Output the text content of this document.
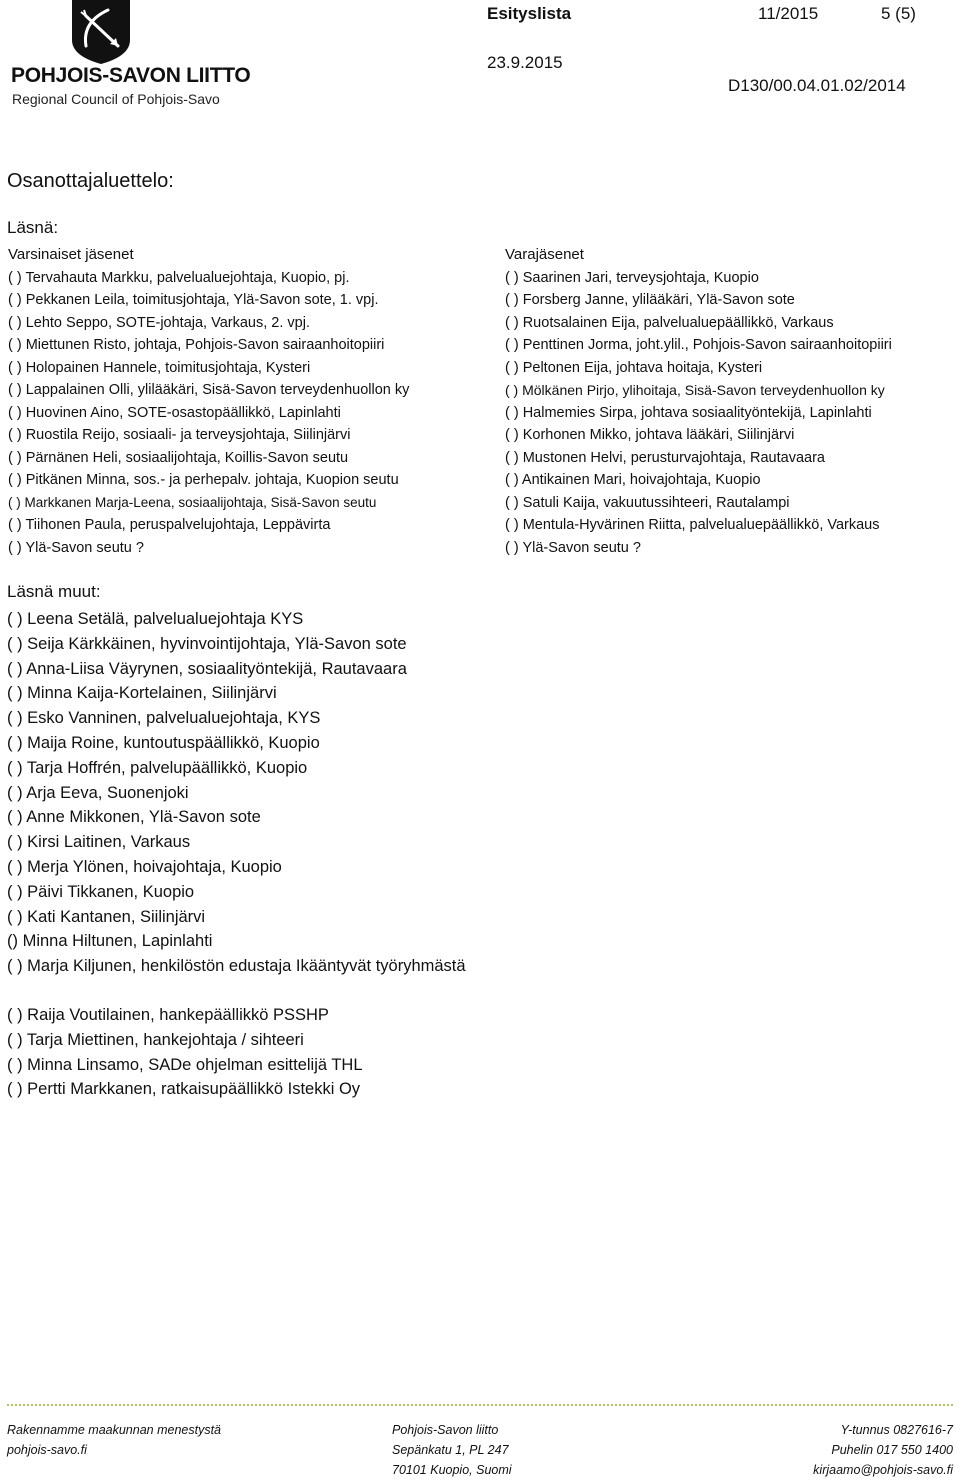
POHJOIS-SAVON LIITTO
Regional Council of Pohjois-Savo
Esityslista	11/2015	5 (5)
23.9.2015
D130/00.04.01.02/2014
Osanottajaluettelo:
Läsnä:
Varsinaiset jäsenet
( ) Tervahauta Markku, palvelualuejohtaja, Kuopio, pj.
( ) Pekkanen Leila, toimitusjohtaja, Ylä-Savon sote, 1. vpj.
( ) Lehto Seppo, SOTE-johtaja, Varkaus, 2. vpj.
( ) Miettunen Risto, johtaja, Pohjois-Savon sairaanhoitopiiri
( ) Holopainen Hannele, toimitusjohtaja, Kysteri
( ) Lappalainen Olli, ylilääkäri, Sisä-Savon terveydenhuollon ky
( ) Huovinen Aino, SOTE-osastopäällikkö, Lapinlahti
( ) Ruostila Reijo, sosiaali- ja terveysjohtaja, Siilinjärvi
( ) Pärnänen Heli, sosiaalijohtaja, Koillis-Savon seutu
( ) Pitkänen Minna, sos.- ja perhepalv. johtaja, Kuopion seutu
( ) Markkanen Marja-Leena, sosiaalijohtaja, Sisä-Savon seutu
( ) Tiihonen Paula, peruspalvelujohtaja, Leppävirta
( ) Ylä-Savon seutu ?
Varajäsenet
( ) Saarinen Jari, terveysjohtaja, Kuopio
( ) Forsberg Janne, ylilääkäri, Ylä-Savon sote
( ) Ruotsalainen Eija, palvelualuepäällikkö, Varkaus
( ) Penttinen Jorma, joht.ylil., Pohjois-Savon sairaanhoitopiiri
( ) Peltonen Eija, johtava hoitaja, Kysteri
( ) Mölkänen Pirjo, ylihoitaja, Sisä-Savon terveydenhuollon ky
( ) Halmemies Sirpa, johtava sosiaalityöntekijä, Lapinlahti
( ) Korhonen Mikko, johtava lääkäri, Siilinjärvi
( ) Mustonen Helvi, perusturvajohtaja, Rautavaara
( ) Antikainen Mari, hoivajohtaja, Kuopio
( ) Satuli Kaija, vakuutussihteeri, Rautalampi
( ) Mentula-Hyvärinen Riitta, palvelualuepäällikkö, Varkaus
( ) Ylä-Savon seutu ?
Läsnä muut:
( ) Leena Setälä, palvelualuejohtaja KYS
( ) Seija Kärkkäinen, hyvinvointijohtaja, Ylä-Savon sote
( ) Anna-Liisa Väyrynen, sosiaalityöntekijä, Rautavaara
( ) Minna Kaija-Kortelainen, Siilinjärvi
( ) Esko Vanninen, palvelualuejohtaja, KYS
( ) Maija Roine, kuntoutuspäällikkö, Kuopio
( ) Tarja Hoffrén, palvelupäällikkö, Kuopio
( ) Arja Eeva, Suonenjoki
( ) Anne Mikkonen, Ylä-Savon sote
( ) Kirsi Laitinen, Varkaus
( ) Merja Ylönen, hoivajohtaja, Kuopio
( ) Päivi Tikkanen, Kuopio
( ) Kati Kantanen, Siilinjärvi
() Minna Hiltunen, Lapinlahti
( ) Marja Kiljunen, henkilöstön edustaja Ikääntyvät työryhmästä
( ) Raija Voutilainen, hankepäällikkö PSSHP
( ) Tarja Miettinen, hankejohtaja / sihteeri
( ) Minna Linsamo, SADe ohjelman esittelijä THL
( ) Pertti Markkanen, ratkaisupäällikkö Istekki Oy
Rakennamme maakunnan menestystä
pohjois-savo.fi
Pohjois-Savon liitto
Sepänkatu 1, PL 247
70101 Kuopio, Suomi
Y-tunnus 0827616-7
Puhelin 017 550 1400
kirjaamo@pohjois-savo.fi
